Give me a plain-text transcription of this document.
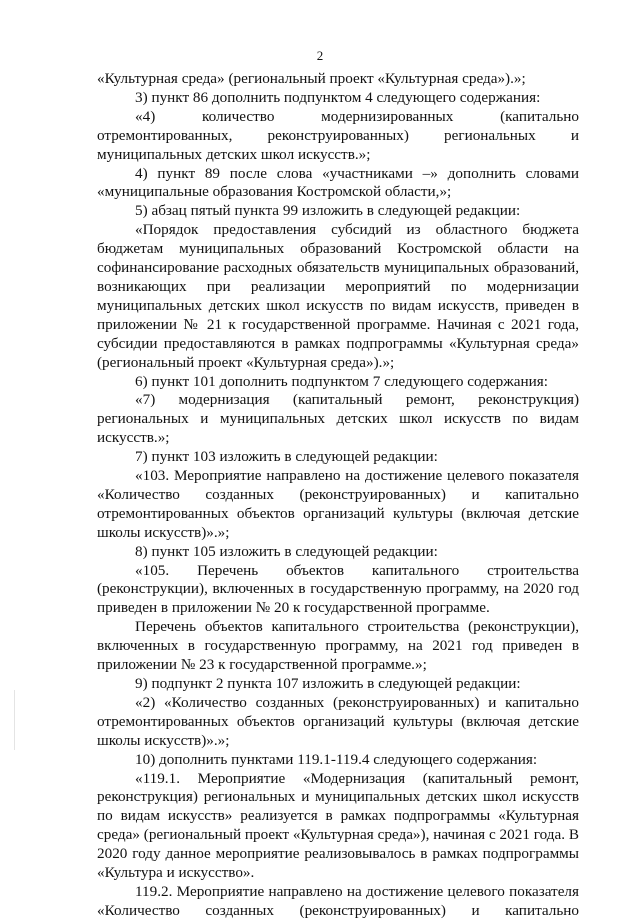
2

«Культурная среда» (региональный проект «Культурная среда»).»;

3) пункт 86 дополнить подпунктом 4 следующего содержания:

«4) количество модернизированных (капитально отремонтированных, реконструированных) региональных и муниципальных детских школ искусств.»;

4) пункт 89 после слова «участниками –» дополнить словами «муниципальные образования Костромской области,»;

5) абзац пятый пункта 99 изложить в следующей редакции:

«Порядок предоставления субсидий из областного бюджета бюджетам муниципальных образований Костромской области на софинансирование расходных обязательств муниципальных образований, возникающих при реализации мероприятий по модернизации муниципальных детских школ искусств по видам искусств, приведен в приложении № 21 к государственной программе. Начиная с 2021 года, субсидии предоставляются в рамках подпрограммы «Культурная среда» (региональный проект «Культурная среда»).»;

6) пункт 101 дополнить подпунктом 7 следующего содержания:

«7) модернизация (капитальный ремонт, реконструкция) региональных и муниципальных детских школ искусств по видам искусств.»;

7) пункт 103 изложить в следующей редакции:

«103. Мероприятие направлено на достижение целевого показателя «Количество созданных (реконструированных) и капитально отремонтированных объектов организаций культуры (включая детские школы искусств)».»;

8) пункт 105 изложить в следующей редакции:

«105. Перечень объектов капитального строительства (реконструкции), включенных в государственную программу, на 2020 год приведен в приложении № 20 к государственной программе.

Перечень объектов капитального строительства (реконструкции), включенных в государственную программу, на 2021 год приведен в приложении № 23 к государственной программе.»;

9) подпункт 2 пункта 107 изложить в следующей редакции:

«2) «Количество созданных (реконструированных) и капитально отремонтированных объектов организаций культуры (включая детские школы искусств)».»;

10) дополнить пунктами 119.1-119.4 следующего содержания:

«119.1. Мероприятие «Модернизация (капитальный ремонт, реконструкция) региональных и муниципальных детских школ искусств по видам искусств» реализуется в рамках подпрограммы «Культурная среда» (региональный проект «Культурная среда»), начиная с 2021 года. В 2020 году данное мероприятие реализовывалось в рамках подпрограммы «Культура и искусство».

119.2. Мероприятие направлено на достижение целевого показателя «Количество созданных (реконструированных) и капитально
